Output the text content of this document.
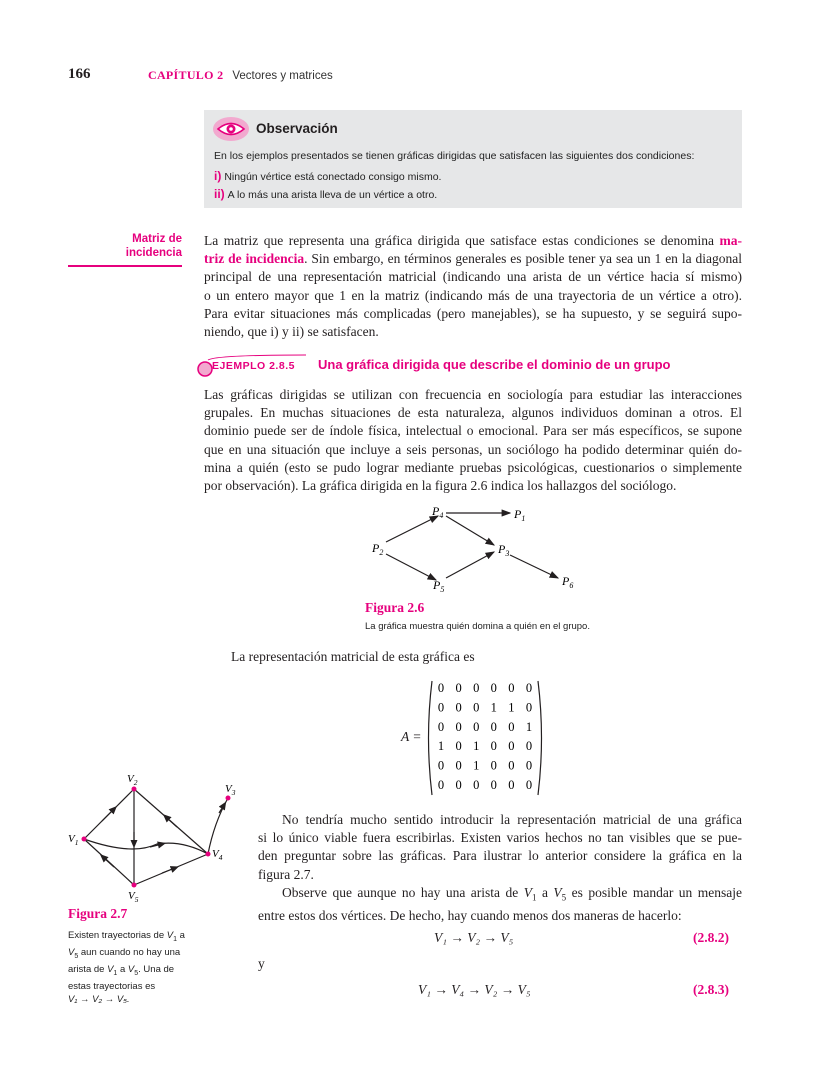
166	CAPÍTULO 2 Vectores y matrices
Observación
En los ejemplos presentados se tienen gráficas dirigidas que satisfacen las siguientes dos condiciones:
i) Ningún vértice está conectado consigo mismo.
ii) A lo más una arista lleva de un vértice a otro.
Matriz de
incidencia
La matriz que representa una gráfica dirigida que satisface estas condiciones se denomina ma-
triz de incidencia. Sin embargo, en términos generales es posible tener ya sea un 1 en la diagonal
principal de una representación matricial (indicando una arista de un vértice hacia sí mismo)
o un entero mayor que 1 en la matriz (indicando más de una trayectoria de un vértice a otro).
Para evitar situaciones más complicadas (pero manejables), se ha supuesto, y se seguirá supo-
niendo, que i) y ii) se satisfacen.
EJEMPLO 2.8.5 Una gráfica dirigida que describe el dominio de un grupo
Las gráficas dirigidas se utilizan con frecuencia en sociología para estudiar las interacciones
grupales. En muchas situaciones de esta naturaleza, algunos individuos dominan a otros. El
dominio puede ser de índole física, intelectual o emocional. Para ser más específicos, se supone
que en una situación que incluye a seis personas, un sociólogo ha podido determinar quién do-
mina a quién (esto se pudo lograr mediante pruebas psicológicas, cuestionarios o simplemente
por observación). La gráfica dirigida en la figura 2.6 indica los hallazgos del sociólogo.
$P_1$
$P_2$	$P_3$
$P_4$
$P_5$
$P_6$
Figura 2.6
La gráfica muestra quién domina a quién en el grupo.
La representación matricial de esta gráfica es
A =
0 0 0 0 0 0
0 0 0 1 1 0
0 0 0 0 0 1
1 0 1 0 0 0
0 0 1 0 0 0
0 0 0 0 0 0
$V_1$
$V_2$
$V_3$
$V_4$
$V_5$
Figura 2.7
Existen trayectorias de $V_1$ a
$V_5$ aun cuando no hay una
arista de $V_1$ a $V_5$. Una de
estas trayectorias es
V₁ → V₂ → V₅.
No tendría mucho sentido introducir la representación matricial de una gráfica
si lo único viable fuera escribirlas. Existen varios hechos no tan visibles que se pue-
den preguntar sobre las gráficas. Para ilustrar lo anterior considere la gráfica en la
figura 2.7.
Observe que aunque no hay una arista de $V_1$ a $V_5$ es posible mandar un mensaje
entre estos dos vértices. De hecho, hay cuando menos dos maneras de hacerlo:
V₁ → V₂ → V₅	(2.8.2)
y
V₁ → V₄ → V₂ → V₅	(2.8.3)
